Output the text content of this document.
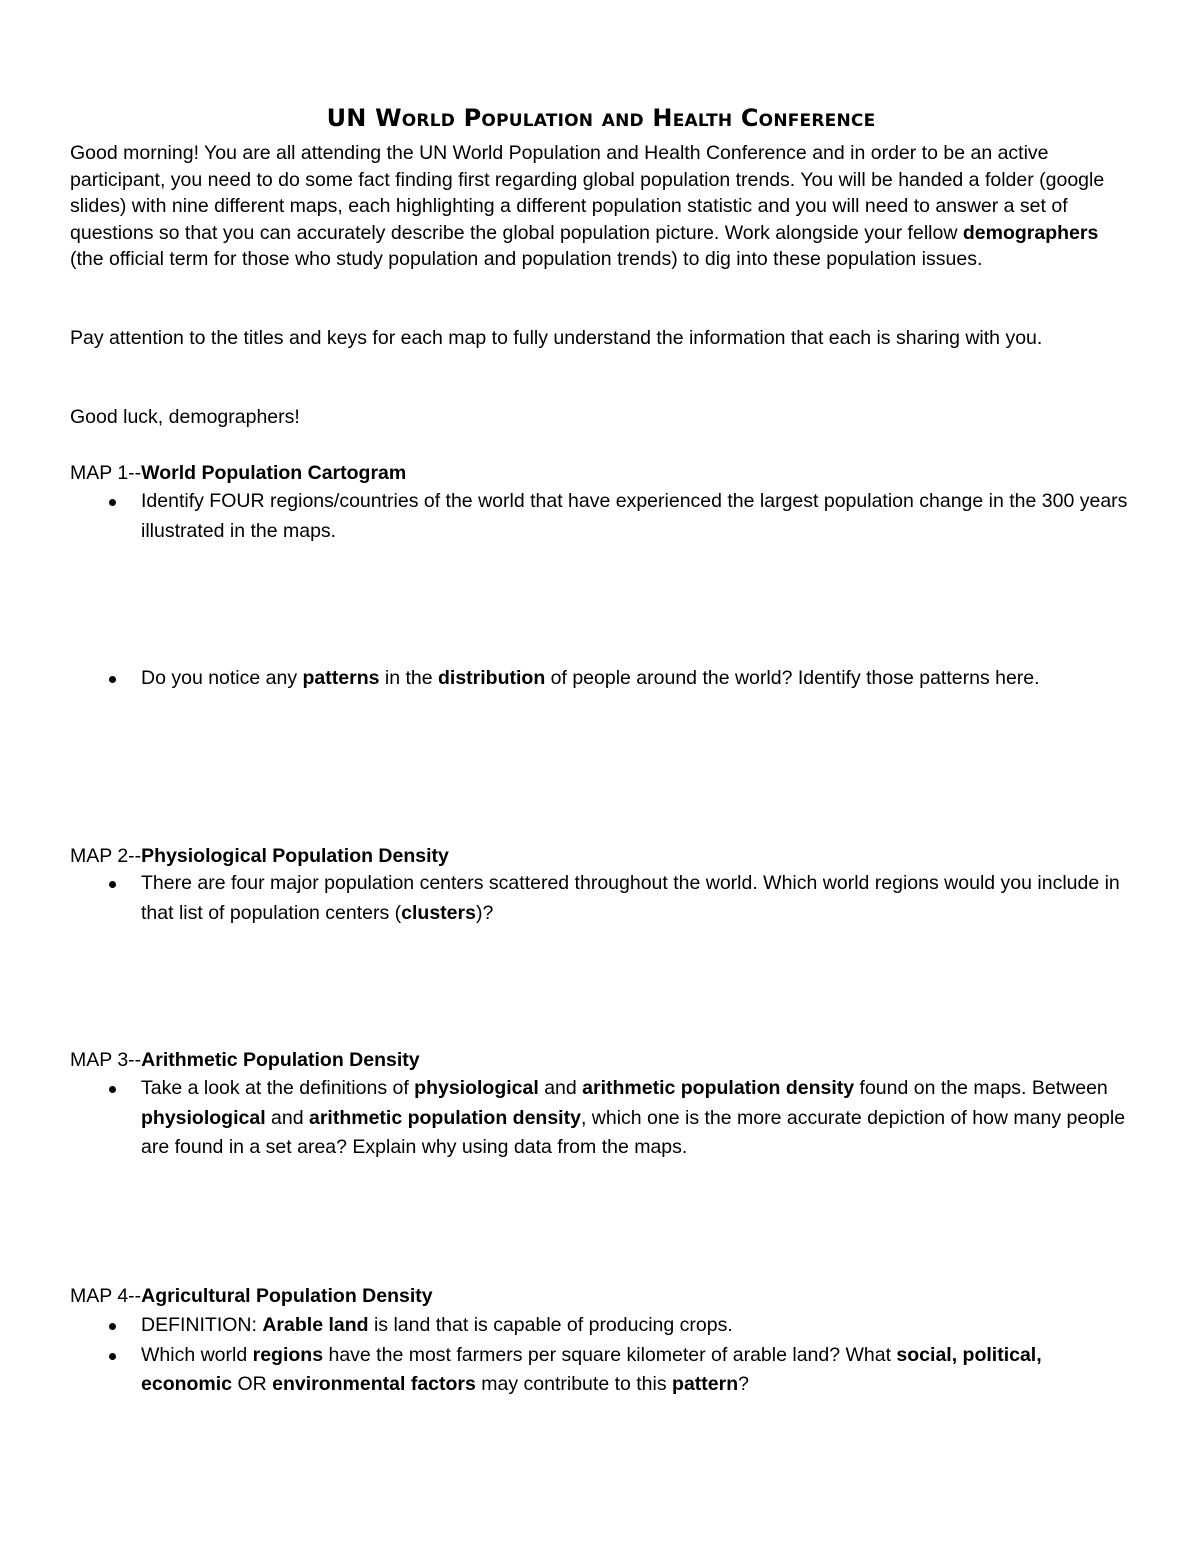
UN World Population and Health Conference

Good morning! You are all attending the UN World Population and Health Conference and in order to be an active participant, you need to do some fact finding first regarding global population trends. You will be handed a folder (google slides) with nine different maps, each highlighting a different population statistic and you will need to answer a set of questions so that you can accurately describe the global population picture. Work alongside your fellow demographers (the official term for those who study population and population trends) to dig into these population issues.

Pay attention to the titles and keys for each map to fully understand the information that each is sharing with you.

Good luck, demographers!

MAP 1--World Population Cartogram

Identify FOUR regions/countries of the world that have experienced the largest population change in the 300 years illustrated in the maps.
Do you notice any patterns in the distribution of people around the world? Identify those patterns here.

MAP 2--Physiological Population Density

There are four major population centers scattered throughout the world. Which world regions would you include in that list of population centers (clusters)?

MAP 3--Arithmetic Population Density

Take a look at the definitions of physiological and arithmetic population density found on the maps. Between physiological and arithmetic population density, which one is the more accurate depiction of how many people are found in a set area? Explain why using data from the maps.

MAP 4--Agricultural Population Density

DEFINITION: Arable land is land that is capable of producing crops.
Which world regions have the most farmers per square kilometer of arable land? What social, political, economic OR environmental factors may contribute to this pattern?
